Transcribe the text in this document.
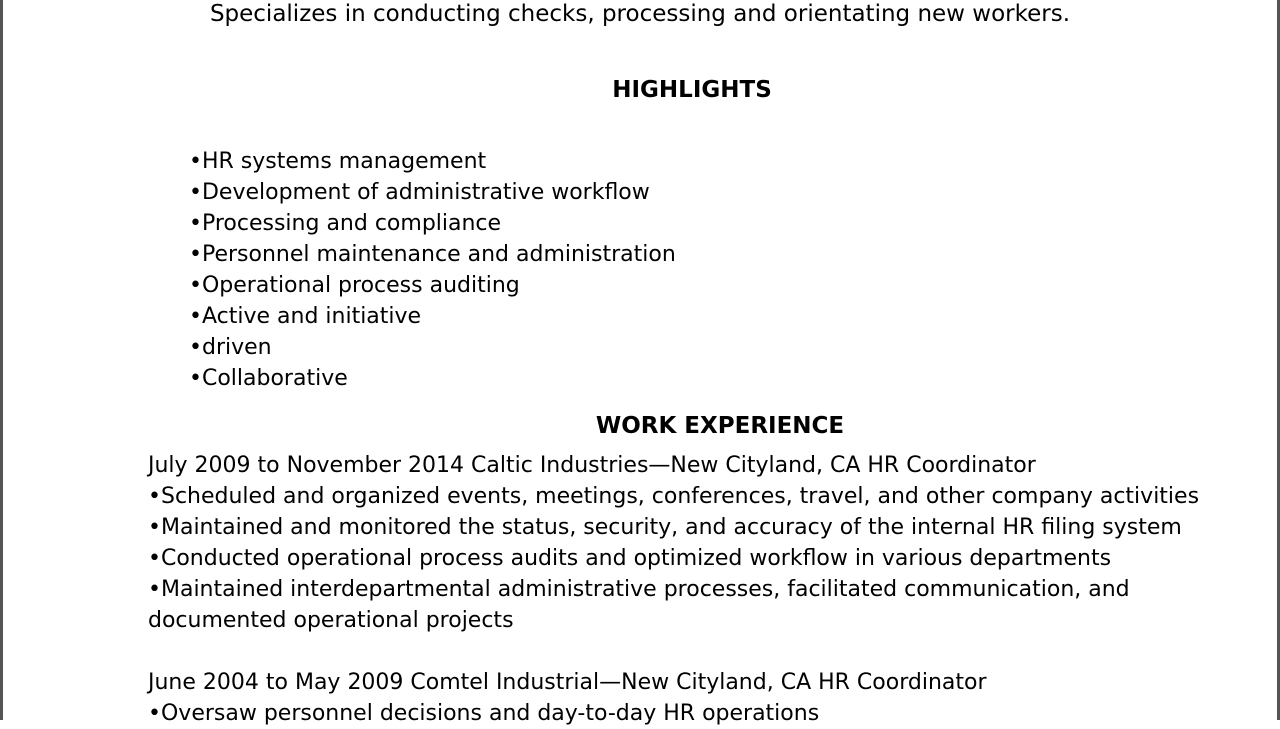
Specializes in conducting checks, processing and orientating new workers.
HIGHLIGHTS
•HR systems management
•Development of administrative workflow
•Processing and compliance
•Personnel maintenance and administration
•Operational process auditing
•Active and initiative
•driven
•Collaborative
WORK EXPERIENCE

July 2009 to November 2014 Caltic Industries—New Cityland, CA HR Coordinator

•Scheduled and organized events, meetings, conferences, travel, and other company activities

•Maintained and monitored the status, security, and accuracy of the internal HR filing system

•Conducted operational process audits and optimized workflow in various departments

•Maintained interdepartmental administrative processes, facilitated communication, and documented operational projects

June 2004 to May 2009 Comtel Industrial—New Cityland, CA HR Coordinator

•Oversaw personnel decisions and day-to-day HR operations
